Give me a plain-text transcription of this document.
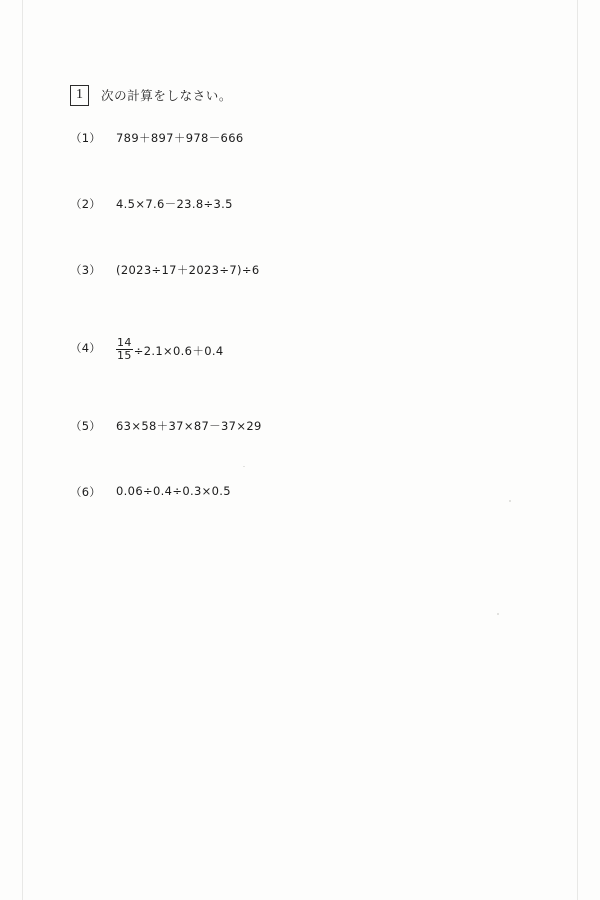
1	次の計算をしなさい。
（1）	789＋897＋978－666
（2）	4.5×7.6－23.8÷3.5
（3）	(2023÷17＋2023÷7)÷6
（4）	$\frac{14}{15} \div 2.1\times 0.6+0.4$
（5）	63×58＋37×87－37×29
（6）	0.06÷0.4÷0.3×0.5
